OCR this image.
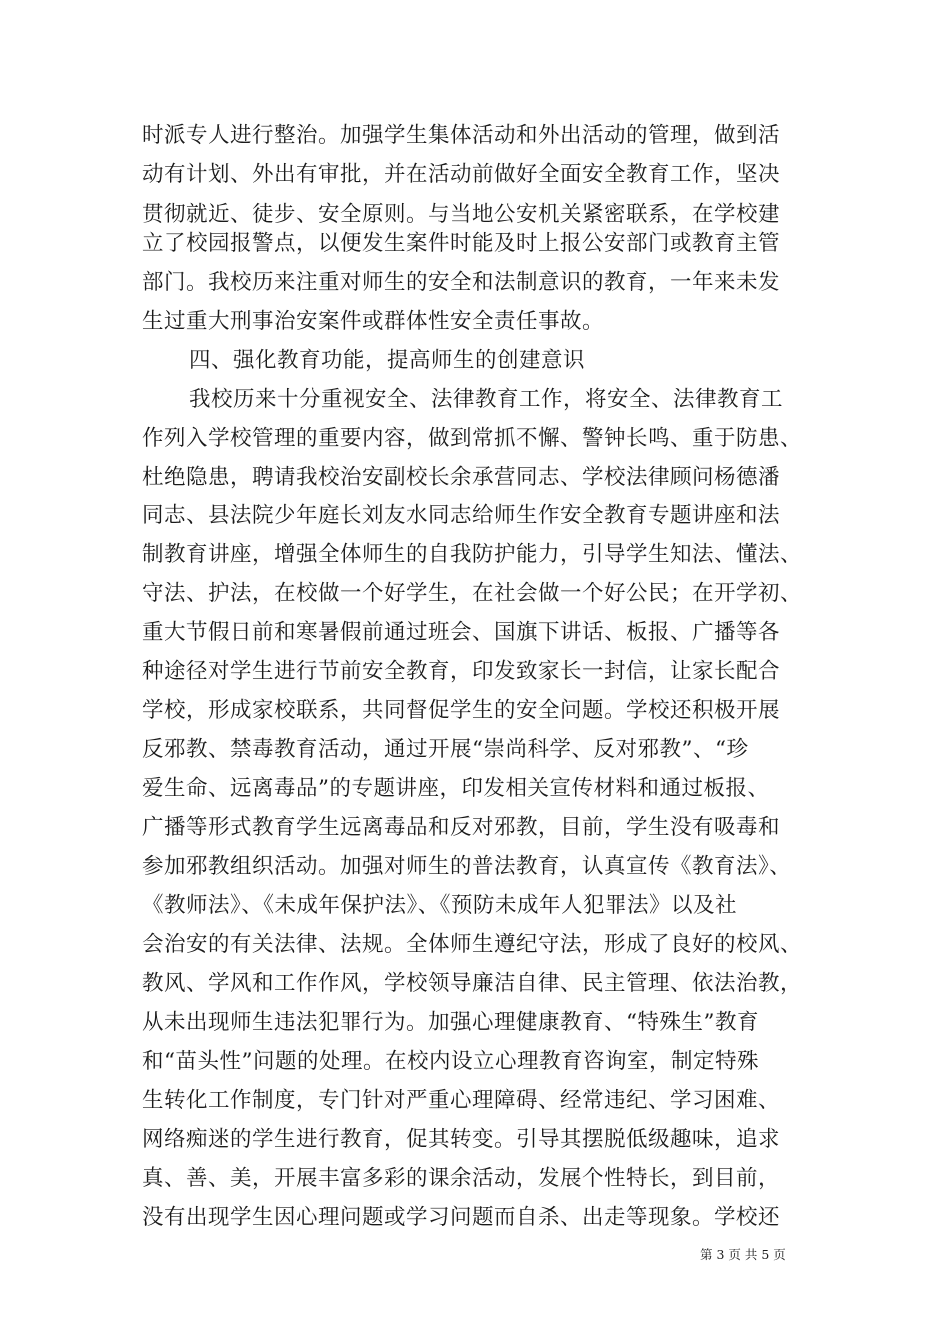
时派专人进行整治。加强学生集体活动和外出活动的管理，做到活
动有计划、外出有审批，并在活动前做好全面安全教育工作，坚决
贯彻就近、徒步、安全原则。与当地公安机关紧密联系，在学校建
立了校园报警点，以便发生案件时能及时上报公安部门或教育主管
部门。我校历来注重对师生的安全和法制意识的教育，一年来未发
生过重大刑事治安案件或群体性安全责任事故。
四、强化教育功能，提高师生的创建意识
我校历来十分重视安全、法律教育工作，将安全、法律教育工
作列入学校管理的重要内容，做到常抓不懈、警钟长鸣、重于防患、
杜绝隐患，聘请我校治安副校长余承营同志、学校法律顾问杨德潘
同志、县法院少年庭长刘友水同志给师生作安全教育专题讲座和法
制教育讲座，增强全体师生的自我防护能力，引导学生知法、懂法、
守法、护法，在校做一个好学生，在社会做一个好公民；在开学初、
重大节假日前和寒暑假前通过班会、国旗下讲话、板报、广播等各
种途径对学生进行节前安全教育，印发致家长一封信，让家长配合
学校，形成家校联系，共同督促学生的安全问题。学校还积极开展
反邪教、禁毒教育活动，通过开展“崇尚科学、反对邪教”、“珍
爱生命、远离毒品”的专题讲座，印发相关宣传材料和通过板报、
广播等形式教育学生远离毒品和反对邪教，目前，学生没有吸毒和
参加邪教组织活动。加强对师生的普法教育，认真宣传《教育法》、
《教师法》、《未成年保护法》、《预防未成年人犯罪法》以及社
会治安的有关法律、法规。全体师生遵纪守法，形成了良好的校风、
教风、学风和工作作风，学校领导廉洁自律、民主管理、依法治教，
从未出现师生违法犯罪行为。加强心理健康教育、“特殊生”教育
和“苗头性”问题的处理。在校内设立心理教育咨询室，制定特殊
生转化工作制度，专门针对严重心理障碍、经常违纪、学习困难、
网络痴迷的学生进行教育，促其转变。引导其摆脱低级趣味，追求
真、善、美，开展丰富多彩的课余活动，发展个性特长，到目前，
没有出现学生因心理问题或学习问题而自杀、出走等现象。学校还
第 3 页 共 5 页
